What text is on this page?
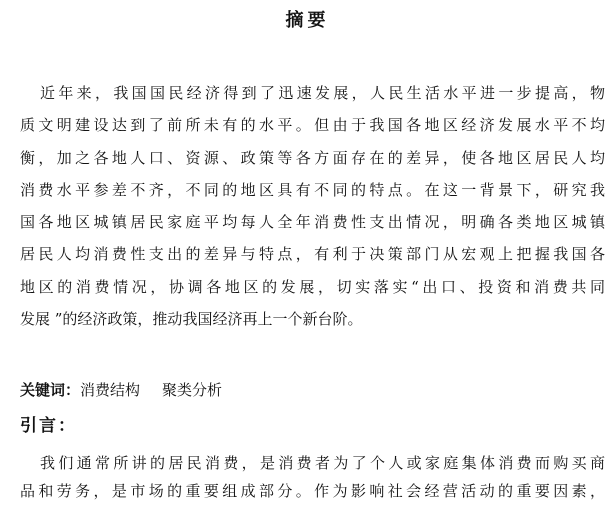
摘要

近年来，我国国民经济得到了迅速发展，人民生活水平进一步提高，物
质文明建设达到了前所未有的水平。但由于我国各地区经济发展水平不均
衡，加之各地人口、资源、政策等各方面存在的差异，使各地区居民人均
消费水平参差不齐，不同的地区具有不同的特点。在这一背景下，研究我
国各地区城镇居民家庭平均每人全年消费性支出情况，明确各类地区城镇
居民人均消费性支出的差异与特点，有利于决策部门从宏观上把握我国各
地区的消费情况，协调各地区的发展，切实落实“出口、投资和消费共同
发展 ”的经济政策，推动我国经济再上一个新台阶。

关键词：消费结构 聚类分析
引言：

我们通常所讲的居民消费，是消费者为了个人或家庭集体消费而购买商
品和劳务，是市场的重要组成部分。作为影响社会经营活动的重要因素，
